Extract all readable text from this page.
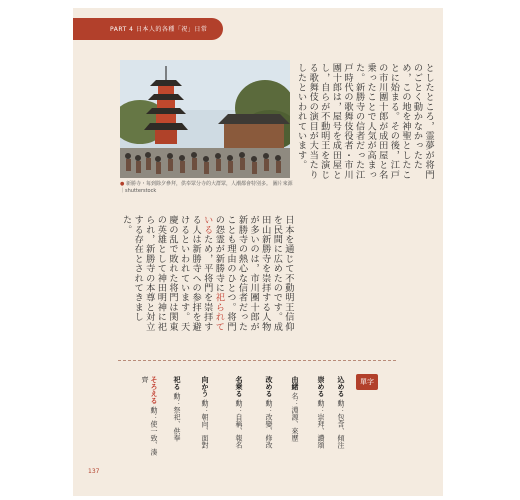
PART 4 日本人的各種「祝」日常
● 新勝寺・每到除夕參拜，供奉眾分寺的大群眾，人潮都會特別多。 圖片來源｜shutterstock
としたところ，霊夢が将門のごとく動かなかったため，この地を神聖としたことに始まる。その後，江戸の市川團十郎が成田屋と名乗ったことで人気が高まった。新勝寺の信者だった江戸時代の歌舞伎役者・市川團十郎は，屋号を成田屋とし，自らが不動明王を演じる歌舞伎の演目が大当たりしたといわれています。
日本を通じて不動明王信仰を民間に広めたのです。成田山新勝寺を崇拝する人物が多いのは，市川團十郎が新勝寺の熱心な信者だったことも理由のひとつ。将門の怨霊が新勝寺に祀られているため，平将門を崇拝する人は新勝寺への参拝を避けるといわれています。天慶の乱で敗れた将門は関東の英雄として神田明神に祀られ，新勝寺の本尊と対立する存在とされてきました。
單字
込める 動：包含、傾注
崇める 動：崇拜、讚頌
由緒 名：淵源、來歷
改める 動：改變、修改
名乗る 動：自稱、報名
向かう 動：朝向、面對
祀る 動：祭祀、供奉
そろえる 動：使一致、湊齊
137
